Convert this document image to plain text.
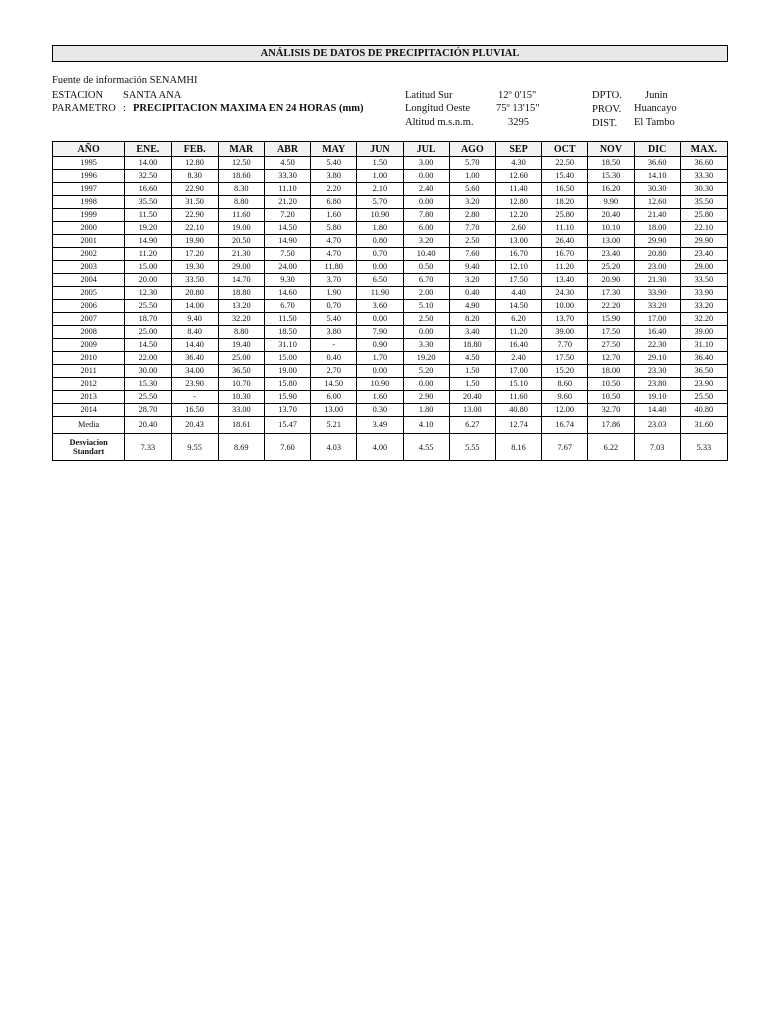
ANÁLISIS DE DATOS DE PRECIPITACIÓN PLUVIAL
Fuente de información SENAMHI
ESTACION SANTA ANA
PARAMETRO : PRECIPITACION MAXIMA EN 24 HORAS (mm)
Latitud Sur	12º 0'15"
Longitud Oeste 75º 13'15"
Altitud m.s.n.m.	3295
DPTO. Junin
PROV. Huancayo
DIST. El Tambo
AÑO	ENE.	FEB.	MAR	ABR	MAY	JUN	JUL	AGO	SEP	OCT	NOV	DIC	MAX.
1995	14.00	12.80	12.50	4.50	5.40	1.50	3.00	5.70	4.30	22.50	18.50	36.60	36.60
1996	32.50	8.30	18.60	33.30	3.80	1.00	0.00	1.00	12.60	15.40	15.30	14.10	33.30
1997	16.60	22.90	8.30	11.10	2.20	2.10	2.40	5.60	11.40	16.50	16.20	30.30	30.30
1998	35.50	31.50	8.80	21.20	6.80	5.70	0.00	3.20	12.80	18.20	9.90	12.60	35.50
1999	11.50	22.90	11.60	7.20	1.60	10.90	7.80	2.80	12.20	25.80	20.40	21.40	25.80
2000	19.20	22.10	19.00	14.50	5.80	1.80	6.00	7.70	2.60	11.10	10.10	18.00	22.10
2001	14.90	19.90	20.50	14.90	4.70	0.80	3.20	2.50	13.00	26.40	13.00	29.90	29.90
2002	11.20	17.20	21.30	7.50	4.70	0.70	10.40	7.60	16.70	16.70	23.40	20.80	23.40
2003	15.00	19.30	29.00	24.00	11.80	0.00	0.50	9.40	12.10	11.20	25.20	23.00	29.00
2004	20.00	33.50	14.70	9.30	3.70	6.50	6.70	3.20	17.50	13.40	20.90	21.30	33.50
2005	12.30	20.80	18.80	14.60	1.90	11.90	2.00	0.40	4.40	24.30	17.30	33.90	33.90
2006	25.50	14.00	13.20	6.70	0.70	3.60	5.10	4.90	14.50	10.00	22.20	33.20	33.20
2007	18.70	9.40	32.20	11.50	5.40	0.00	2.50	8.20	6.20	13.70	15.90	17.00	32.20
2008	25.00	8.40	8.80	18.50	3.80	7.90	0.00	3.40	11.20	39.00	17.50	16.40	39.00
2009	14.50	14.40	19.40	31.10	-	0.90	3.30	18.80	16.40	7.70	27.50	22.30	31.10
2010	22.00	36.40	25.00	15.00	0.40	1.70	19.20	4.50	2.40	17.50	12.70	29.10	36.40
2011	30.00	34.00	36.50	19.00	2.70	0.00	5.20	1.50	17.00	15.20	18.00	23.30	36.50
2012	15.30	23.90	10.70	15.80	14.50	10.90	0.00	1.50	15.10	8.60	10.50	23.80	23.90
2013	25.50	-	10.30	15.90	6.00	1.60	2.90	20.40	11.60	9.60	10.50	19.10	25.50
2014	28.70	16.50	33.00	13.70	13.00	0.30	1.80	13.00	40.80	12.00	32.70	14.40	40.80
Media	20.40	20.43	18.61	15.47	5.21	3.49	4.10	6.27	12.74	16.74	17.86	23.03	31.60
Desviacion Standart	7.33	9.55	8.69	7.60	4.03	4.00	4.55	5.55	8.16	7.67	6.22	7.03	5.33
